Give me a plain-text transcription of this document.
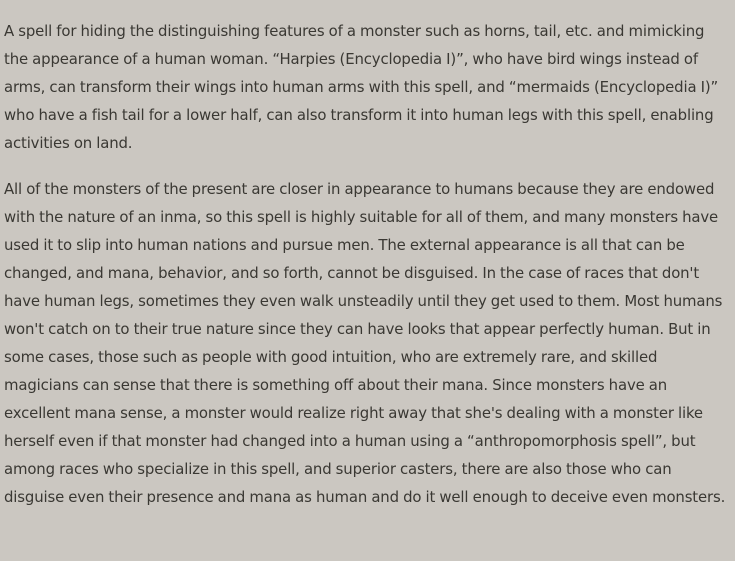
A spell for hiding the distinguishing features of a monster such as horns, tail, etc. and mimicking the appearance of a human woman. “Harpies (Encyclopedia I)”, who have bird wings instead of arms, can transform their wings into human arms with this spell, and “mermaids (Encyclopedia I)” who have a fish tail for a lower half, can also transform it into human legs with this spell, enabling activities on land.

All of the monsters of the present are closer in appearance to humans because they are endowed with the nature of an inma, so this spell is highly suitable for all of them, and many monsters have used it to slip into human nations and pursue men. The external appearance is all that can be changed, and mana, behavior, and so forth, cannot be disguised. In the case of races that don't have human legs, sometimes they even walk unsteadily until they get used to them. Most humans won't catch on to their true nature since they can have looks that appear perfectly human. But in some cases, those such as people with good intuition, who are extremely rare, and skilled magicians can sense that there is something off about their mana. Since monsters have an excellent mana sense, a monster would realize right away that she's dealing with a monster like herself even if that monster had changed into a human using a “anthropomorphosis spell”, but among races who specialize in this spell, and superior casters, there are also those who can disguise even their presence and mana as human and do it well enough to deceive even monsters.
